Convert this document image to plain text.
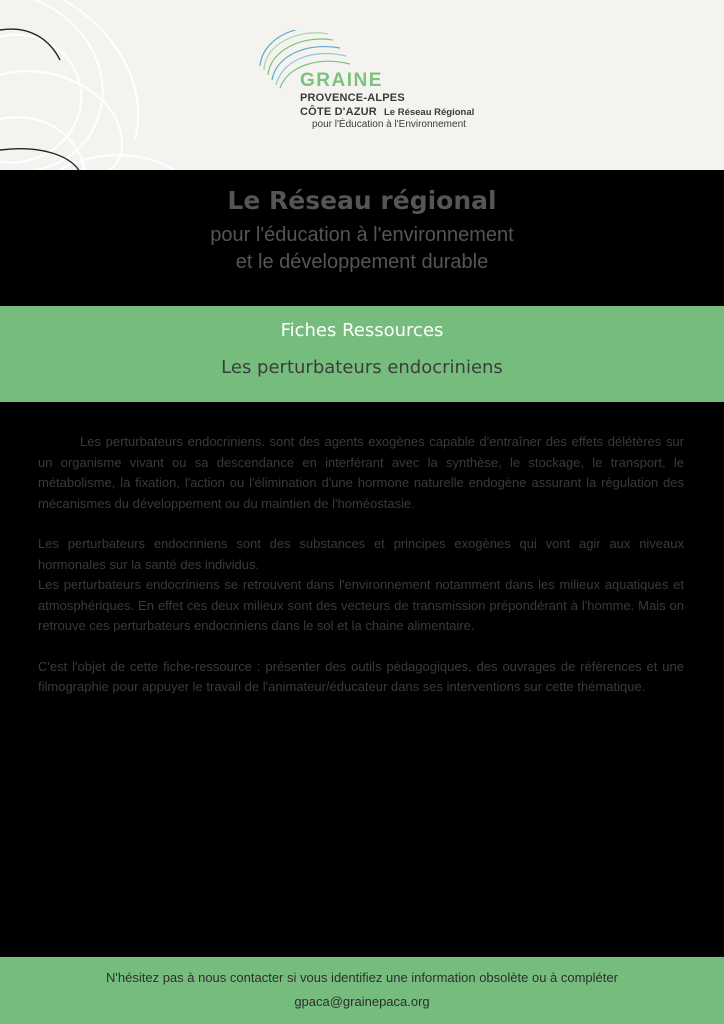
GRAINE
PROVENCE-ALPES
CÔTE D'AZUR Le Réseau Régional
pour l'Éducation à l'Environnement
Le Réseau régional
pour l'éducation à l'environnement
et le développement durable
Fiches Ressources
Les perturbateurs endocriniens

Les perturbateurs endocriniens. sont des agents exogènes capable d'entraîner des effets délétères sur un organisme vivant ou sa descendance en interférant avec la synthèse, le stockage, le transport, le métabolisme, la fixation, l'action ou l'élimination d'une hormone naturelle endogène assurant la régulation des mécanismes du développement ou du maintien de l'homéostasie.

Les perturbateurs endocriniens sont des substances et principes exogènes qui vont agir aux niveaux hormonales sur la santé des individus.

Les perturbateurs endocriniens se retrouvent dans l'environnement notamment dans les milieux aquatiques et atmosphériques. En effet ces deux milieux sont des vecteurs de transmission prépondérant à l'homme. Mais on retrouve ces perturbateurs endocriniens dans le sol et la chaine alimentaire.

C'est l'objet de cette fiche-ressource : présenter des outils pédagogiques, des ouvrages de références et une filmographie pour appuyer le travail de l'animateur/éducateur dans ses interventions sur cette thématique.

N'hésitez pas à nous contacter si vous identifiez une information obsolète ou à compléter
gpaca@grainepaca.org
